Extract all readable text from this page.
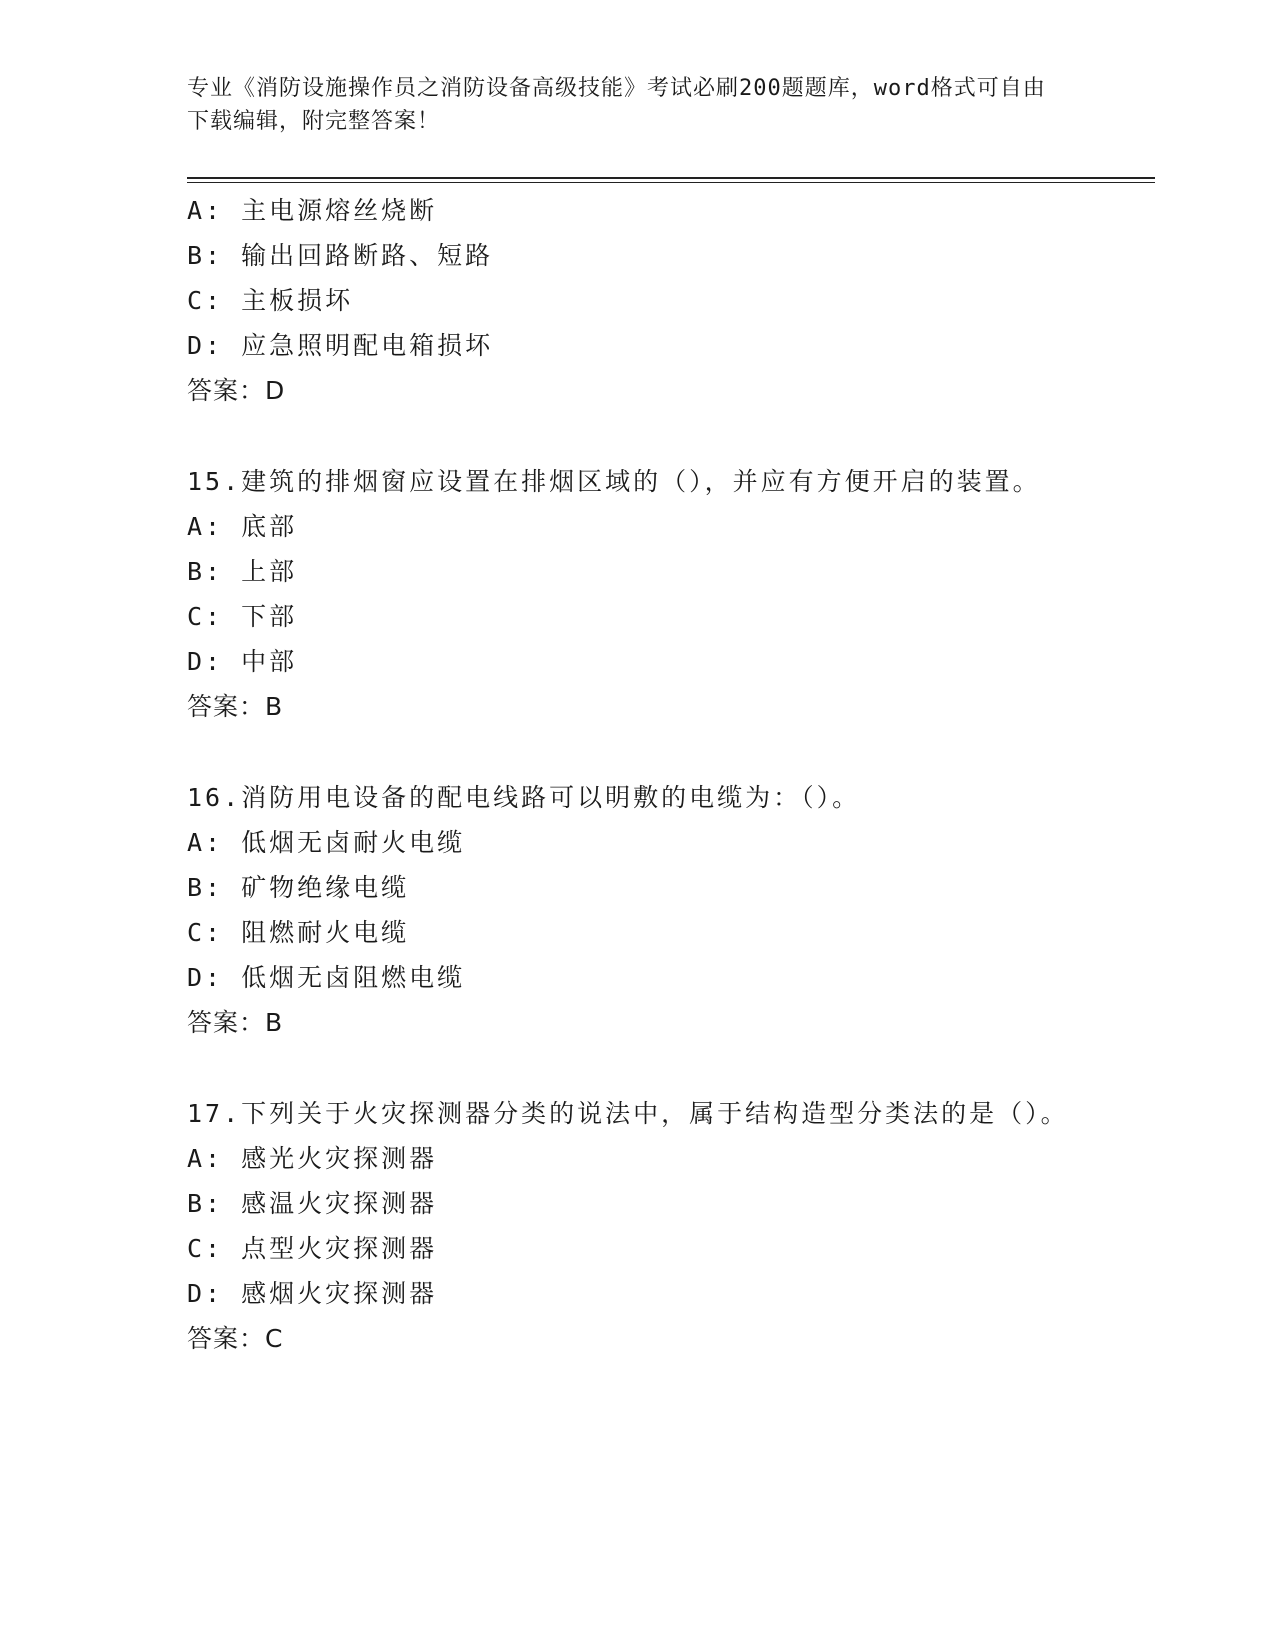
专业《消防设施操作员之消防设备高级技能》考试必刷200题题库，word格式可自由下载编辑，附完整答案！
A: 主电源熔丝烧断
B: 输出回路断路、短路
C: 主板损坏
D: 应急照明配电箱损坏
答案：D
15.建筑的排烟窗应设置在排烟区域的（），并应有方便开启的装置。
A: 底部
B: 上部
C: 下部
D: 中部
答案：B
16.消防用电设备的配电线路可以明敷的电缆为：（）。
A: 低烟无卤耐火电缆
B: 矿物绝缘电缆
C: 阻燃耐火电缆
D: 低烟无卤阻燃电缆
答案：B
17.下列关于火灾探测器分类的说法中，属于结构造型分类法的是（）。
A: 感光火灾探测器
B: 感温火灾探测器
C: 点型火灾探测器
D: 感烟火灾探测器
答案：C
